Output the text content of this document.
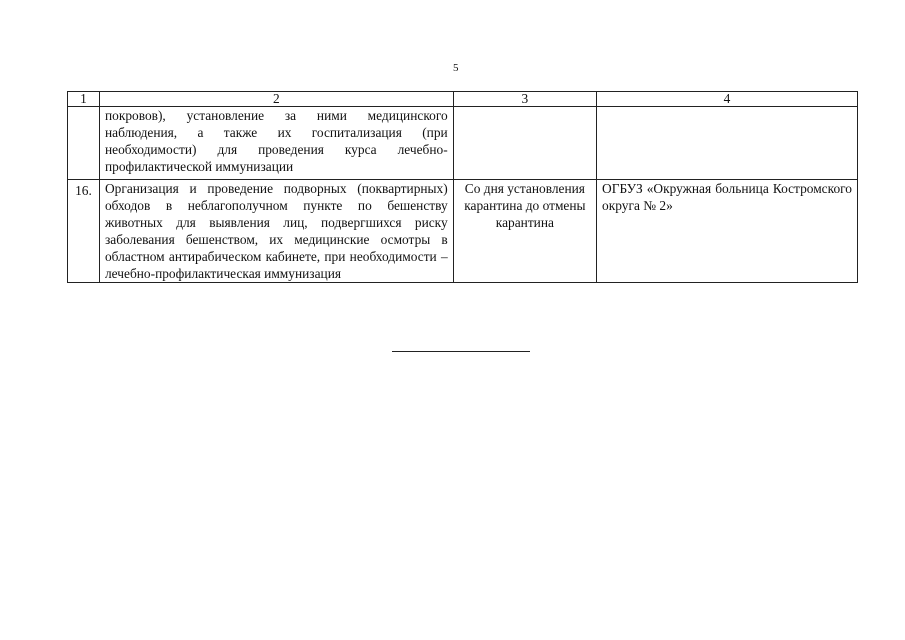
5
1	2	3	4
	покровов), установление за ними медицинского наблюдения, а также их госпитализация (при необходимости) для проведения курса лечебно-профилактической иммунизации		
16.	Организация и проведение подворных (поквартирных) обходов в неблагополучном пункте по бешенству животных для выявления лиц, подвергшихся риску заболевания бешенством, их медицинские осмотры в областном антирабическом кабинете, при необходимости – лечебно-профилактическая иммунизация	Со дня установления карантина до отмены карантина	ОГБУЗ «Окружная больница Костромского округа № 2»
